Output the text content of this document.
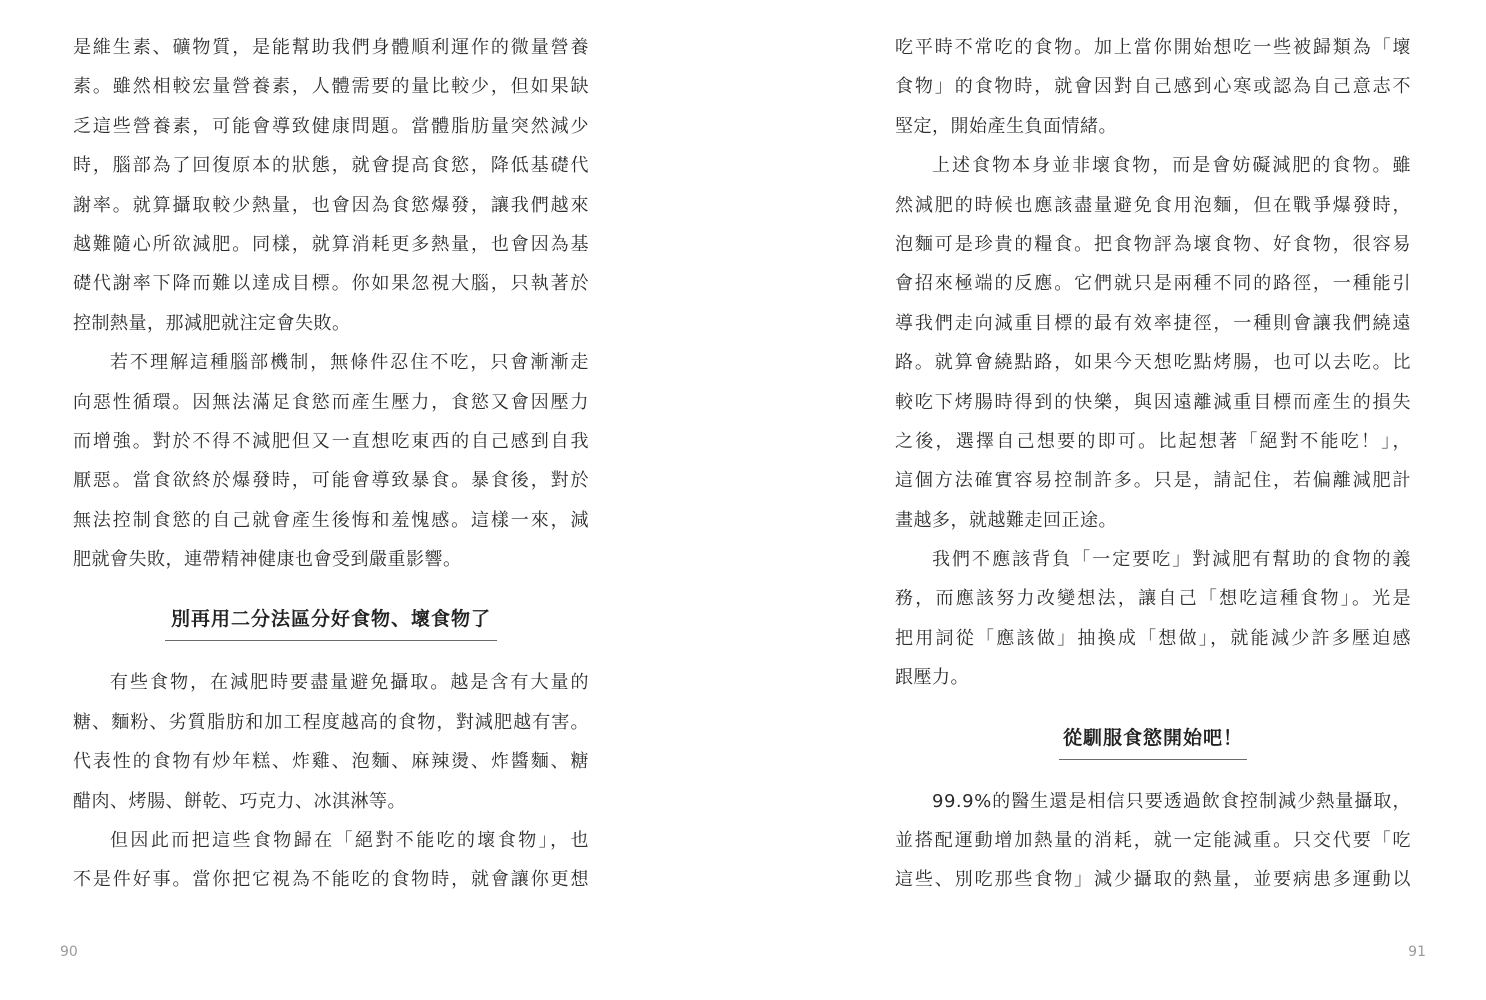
是維生素、礦物質，是能幫助我們身體順利運作的微量營養
素。雖然相較宏量營養素，人體需要的量比較少，但如果缺
乏這些營養素，可能會導致健康問題。當體脂肪量突然減少
時，腦部為了回復原本的狀態，就會提高食慾，降低基礎代
謝率。就算攝取較少熱量，也會因為食慾爆發，讓我們越來
越難隨心所欲減肥。同樣，就算消耗更多熱量，也會因為基
礎代謝率下降而難以達成目標。你如果忽視大腦，只執著於
控制熱量，那減肥就注定會失敗。
若不理解這種腦部機制，無條件忍住不吃，只會漸漸走
向惡性循環。因無法滿足食慾而產生壓力，食慾又會因壓力
而增強。對於不得不減肥但又一直想吃東西的自己感到自我
厭惡。當食欲終於爆發時，可能會導致暴食。暴食後，對於
無法控制食慾的自己就會產生後悔和羞愧感。這樣一來，減
肥就會失敗，連帶精神健康也會受到嚴重影響。
別再用二分法區分好食物、壞食物了
有些食物，在減肥時要盡量避免攝取。越是含有大量的
糖、麵粉、劣質脂肪和加工程度越高的食物，對減肥越有害。
代表性的食物有炒年糕、炸雞、泡麵、麻辣燙、炸醬麵、糖
醋肉、烤腸、餅乾、巧克力、冰淇淋等。
但因此而把這些食物歸在「絕對不能吃的壞食物」，也
不是件好事。當你把它視為不能吃的食物時，就會讓你更想
90
吃平時不常吃的食物。加上當你開始想吃一些被歸類為「壞
食物」的食物時，就會因對自己感到心寒或認為自己意志不
堅定，開始產生負面情緒。
上述食物本身並非壞食物，而是會妨礙減肥的食物。雖
然減肥的時候也應該盡量避免食用泡麵，但在戰爭爆發時，
泡麵可是珍貴的糧食。把食物評為壞食物、好食物，很容易
會招來極端的反應。它們就只是兩種不同的路徑，一種能引
導我們走向減重目標的最有效率捷徑，一種則會讓我們繞遠
路。就算會繞點路，如果今天想吃點烤腸，也可以去吃。比
較吃下烤腸時得到的快樂，與因遠離減重目標而產生的損失
之後，選擇自己想要的即可。比起想著「絕對不能吃！」，
這個方法確實容易控制許多。只是，請記住，若偏離減肥計
畫越多，就越難走回正途。
我們不應該背負「一定要吃」對減肥有幫助的食物的義
務，而應該努力改變想法，讓自己「想吃這種食物」。光是
把用詞從「應該做」抽換成「想做」，就能減少許多壓迫感
跟壓力。
從馴服食慾開始吧！
99.9%的醫生還是相信只要透過飲食控制減少熱量攝取，
並搭配運動增加熱量的消耗，就一定能減重。只交代要「吃
這些、別吃那些食物」減少攝取的熱量，並要病患多運動以
91
